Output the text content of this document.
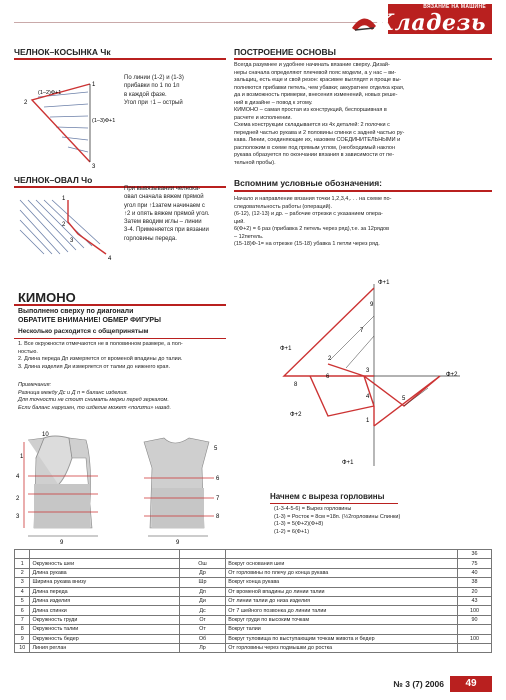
ВЯЗАНИЕ НА МАШИНЕ
Кладезь
ЧЕЛНОК–КОСЫНКА Чк
1
2
3
(1–2)Ф+1
(1–3)Ф+1
По линии (1-2) и (1-3)
прибавки по 1 по 1п
в каждой фазе.
Угол при ↑1 – острый
ЧЕЛНОК–ОВАЛ Чо
1
2
3
4
При вывязывании челнока-
овал сначала вяжем прямой
угол при ↑1затем начинаем с
↑2 и опять вяжем прямой угол.
Затем вводим иглы – линии
3-4. Применяется при вязании
горловины переда.
ПОСТРОЕНИЕ ОСНОВЫ
Всегда разумнее и удобнее начинать вязание сверху. Дизай-
неры сначала определяют плечевой пояс модели, а у нас – ви-
зальщиц, есть еще и свой резон: красивее выглядят и проще вы-
полняются прибавки петель, чем убавки; аккуратнее отделка края,
да и возможность примерки, внесения изменений, новых реше-
ний в дизайне – повод к этому.
КИМОНО – самая простая из конструкций, беспоршивная в
расчете и исполнении.
Схема конструкции складывается из 4х деталей: 2 полочки с
передней частью рукава и 2 половины спинки с задней частью ру-
кава. Линии, соединяющие их, назовем СОЕДИНИТЕЛЬНЫМИ и
расположим в схеме под прямым углом, (необходимый наклон
рукава образуется по окончании вязания в зависимости от пе-
тельной пробы).
Вспомним условные обозначения:
Начало и направление вязания точки 1,2,3,4,. . . на схеме по-
следовательность работы (операций).
(6-12), (12-13) и др. – рабочие отрезки с указанием опера-
ций.
6(Ф+2) = 6 раз (прибавка 2 петель через ряд),т.е. за 12рядов
– 12петель.
(15-18)Ф-1= на отрезке (15-18) убавка 1 петли через ряд.
КИМОНО
Выполнено сверху по диагонали
ОБРАТИТЕ ВНИМАНИЕ! ОБМЕР ФИГУРЫ
Несколько расходится с общепринятым
1. Все окружности отмечаются не в половинном размере, а пол-
ностью.
2. Длина переда Дп измеряется от вроменой впадины до талии.
3. Длина изделия Ди измеряется от талии до нижнего края.
Примечания:
Разница между Дс и Д п = баланс изделия.
Для точности не стоит снимать мерки перед зеркалом.
Если баланс нарушен, то изделие может «ползти» назад.
10
1
4
2
3
9
5
6
7
8
9
Ф+1
9
7
Ф+1
8
2
3
6
4
Ф+2
5
Ф+2
1
Ф+1
Начнем с выреза горловины
(1-3-4-5-6) = Вырез горловины
(1-3) = Росток = 8см =18п. (½2горловины Спинки)
(1-3) = 5(Ф+2)(Ф+8)
(1-2) = 6(Ф+1)
				36
1	Окружность шеи	Ош	Вокруг основания шеи	75
2	Длина рукава	Др	От горловины по плечу до конца рукава	40
3	Ширина рукава внизу	Шр	Вокруг конца рукава	38
4	Длина переда	Дп	От вроменой впадины до линии талии	20
5	Длина изделия	Ди	От линии талии до низа изделия	43
6	Длина спинки	Дс	От 7 шейного позвонка до линии талии	100
7	Окружность груди	Ог	Вокруг груди по высоким точкам	90
8	Окружность талии	От	Вокруг талии	
9	Окружность бедер	Об	Вокруг туловища по выступающим точкам живота и бедер	100
10	Линия реглан	Лр	От горловины через подмышки до ростка	
№ 3 (7) 2006	49
